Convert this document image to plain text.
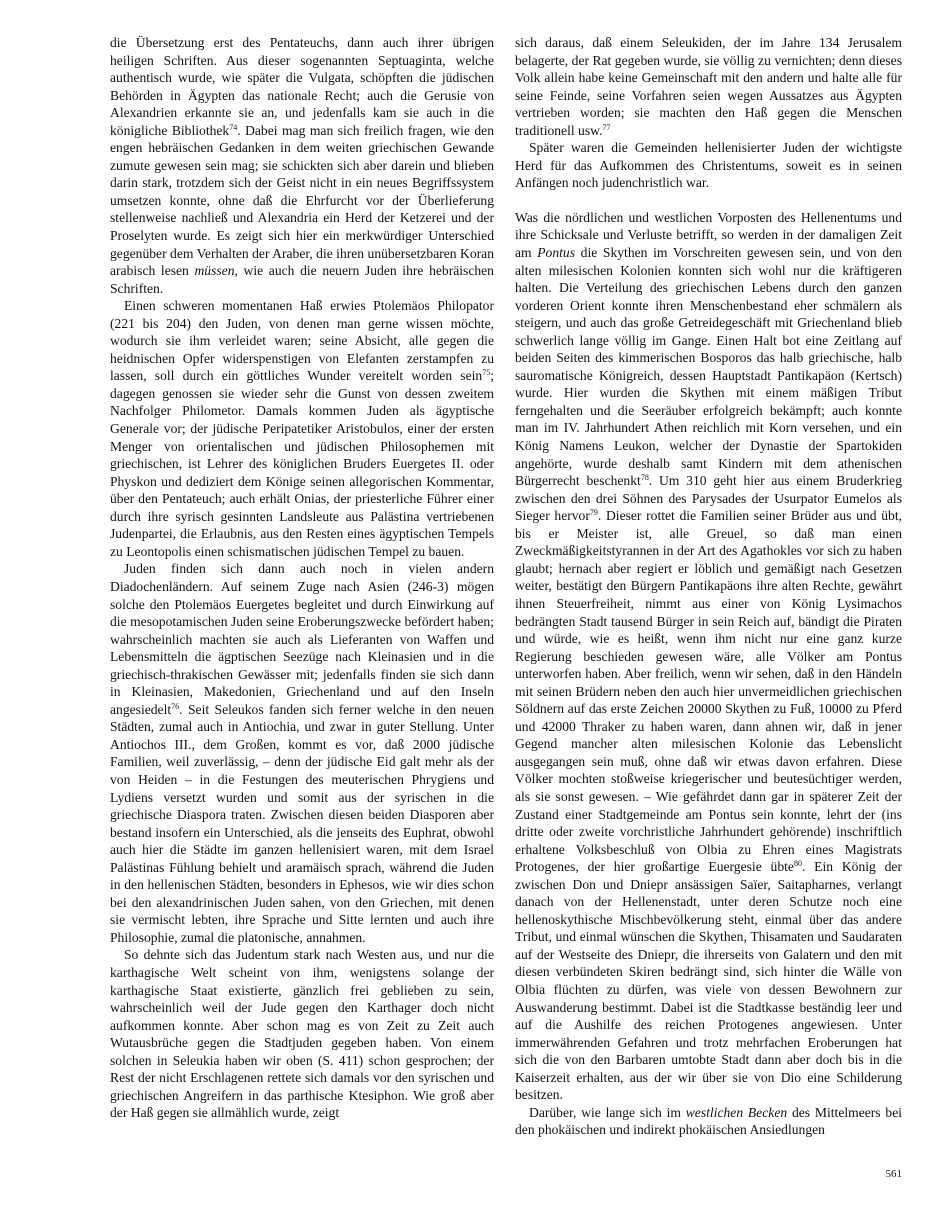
die Übersetzung erst des Pentateuchs, dann auch ihrer übrigen heiligen Schriften. Aus dieser sogenannten Septuaginta, welche authentisch wurde, wie später die Vulgata, schöpften die jüdischen Behörden in Ägypten das nationale Recht; auch die Gerusie von Alexandrien erkannte sie an, und jedenfalls kam sie auch in die königliche Bibliothek$^{74}$. Dabei mag man sich freilich fragen, wie den engen hebräischen Gedanken in dem weiten griechischen Gewande zumute gewesen sein mag; sie schickten sich aber darein und blieben darin stark, trotzdem sich der Geist nicht in ein neues Begriffssystem umsetzen konnte, ohne daß die Ehrfurcht vor der Überlieferung stellenweise nachließ und Alexandria ein Herd der Ketzerei und der Proselyten wurde. Es zeigt sich hier ein merkwürdiger Unterschied gegenüber dem Verhalten der Araber, die ihren unübersetzbaren Koran arabisch lesen müssen, wie auch die neuern Juden ihre hebräischen Schriften.

Einen schweren momentanen Haß erwies Ptolemäos Philopator (221 bis 204) den Juden, von denen man gerne wissen möchte, wodurch sie ihm verleidet waren; seine Absicht, alle gegen die heidnischen Opfer widerspenstigen von Elefanten zerstampfen zu lassen, soll durch ein göttliches Wunder vereitelt worden sein$^{75}$; dagegen genossen sie wieder sehr die Gunst von dessen zweitem Nachfolger Philometor. Damals kommen Juden als ägyptische Generale vor; der jüdische Peripatetiker Aristobulos, einer der ersten Menger von orientalischen und jüdischen Philosophemen mit griechischen, ist Lehrer des königlichen Bruders Euergetes II. oder Physkon und dediziert dem Könige seinen allegorischen Kommentar, über den Pentateuch; auch erhält Onias, der priesterliche Führer einer durch ihre syrisch gesinnten Landsleute aus Palästina vertriebenen Judenpartei, die Erlaubnis, aus den Resten eines ägyptischen Tempels zu Leontopolis einen schismatischen jüdischen Tempel zu bauen.

Juden finden sich dann auch noch in vielen andern Diadochenländern. Auf seinem Zuge nach Asien (246-3) mögen solche den Ptolemäos Euergetes begleitet und durch Einwirkung auf die mesopotamischen Juden seine Eroberungszwecke befördert haben; wahrscheinlich machten sie auch als Lieferanten von Waffen und Lebensmitteln die ägptischen Seezüge nach Kleinasien und in die griechisch-thrakischen Gewässer mit; jedenfalls finden sie sich dann in Kleinasien, Makedonien, Griechenland und auf den Inseln angesiedelt$^{76}$. Seit Seleukos fanden sich ferner welche in den neuen Städten, zumal auch in Antiochia, und zwar in guter Stellung. Unter Antiochos III., dem Großen, kommt es vor, daß 2000 jüdische Familien, weil zuverlässig, – denn der jüdische Eid galt mehr als der von Heiden – in die Festungen des meuterischen Phrygiens und Lydiens versetzt wurden und somit aus der syrischen in die griechische Diaspora traten. Zwischen diesen beiden Diasporen aber bestand insofern ein Unterschied, als die jenseits des Euphrat, obwohl auch hier die Städte im ganzen hellenisiert waren, mit dem Israel Palästinas Fühlung behielt und aramäisch sprach, während die Juden in den hellenischen Städten, besonders in Ephesos, wie wir dies schon bei den alexandrinischen Juden sahen, von den Griechen, mit denen sie vermischt lebten, ihre Sprache und Sitte lernten und auch ihre Philosophie, zumal die platonische, annahmen.

So dehnte sich das Judentum stark nach Westen aus, und nur die karthagische Welt scheint von ihm, wenigstens solange der karthagische Staat existierte, gänzlich frei geblieben zu sein, wahrscheinlich weil der Jude gegen den Karthager doch nicht aufkommen konnte. Aber schon mag es von Zeit zu Zeit auch Wutausbrüche gegen die Stadtjuden gegeben haben. Von einem solchen in Seleukia haben wir oben (S. 411) schon gesprochen; der Rest der nicht Erschlagenen rettete sich damals vor den syrischen und griechischen Angreifern in das parthische Ktesiphon. Wie groß aber der Haß gegen sie allmählich wurde, zeigt

sich daraus, daß einem Seleukiden, der im Jahre 134 Jerusalem belagerte, der Rat gegeben wurde, sie völlig zu vernichten; denn dieses Volk allein habe keine Gemeinschaft mit den andern und halte alle für seine Feinde, seine Vorfahren seien wegen Aussatzes aus Ägypten vertrieben worden; sie machten den Haß gegen die Menschen traditionell usw.$^{77}$

Später waren die Gemeinden hellenisierter Juden der wichtigste Herd für das Aufkommen des Christentums, soweit es in seinen Anfängen noch judenchristlich war.

Was die nördlichen und westlichen Vorposten des Hellenentums und ihre Schicksale und Verluste betrifft, so werden in der damaligen Zeit am Pontus die Skythen im Vorschreiten gewesen sein, und von den alten milesischen Kolonien konnten sich wohl nur die kräftigeren halten. Die Verteilung des griechischen Lebens durch den ganzen vorderen Orient konnte ihren Menschenbestand eher schmälern als steigern, und auch das große Getreidegeschäft mit Griechenland blieb schwerlich lange völlig im Gange. Einen Halt bot eine Zeitlang auf beiden Seiten des kimmerischen Bosporos das halb griechische, halb sauromatische Königreich, dessen Hauptstadt Pantikapäon (Kertsch) wurde. Hier wurden die Skythen mit einem mäßigen Tribut ferngehalten und die Seeräuber erfolgreich bekämpft; auch konnte man im IV. Jahrhundert Athen reichlich mit Korn versehen, und ein König Namens Leukon, welcher der Dynastie der Spartokiden angehörte, wurde deshalb samt Kindern mit dem athenischen Bürgerrecht beschenkt$^{78}$. Um 310 geht hier aus einem Bruderkrieg zwischen den drei Söhnen des Parysades der Usurpator Eumelos als Sieger hervor$^{79}$. Dieser rottet die Familien seiner Brüder aus und übt, bis er Meister ist, alle Greuel, so daß man einen Zweckmäßigkeitstyrannen in der Art des Agathokles vor sich zu haben glaubt; hernach aber regiert er löblich und gemäßigt nach Gesetzen weiter, bestätigt den Bürgern Pantikapäons ihre alten Rechte, gewährt ihnen Steuerfreiheit, nimmt aus einer von König Lysimachos bedrängten Stadt tausend Bürger in sein Reich auf, bändigt die Piraten und würde, wie es heißt, wenn ihm nicht nur eine ganz kurze Regierung beschieden gewesen wäre, alle Völker am Pontus unterworfen haben. Aber freilich, wenn wir sehen, daß in den Händeln mit seinen Brüdern neben den auch hier unvermeidlichen griechischen Söldnern auf das erste Zeichen 20000 Skythen zu Fuß, 10000 zu Pferd und 42000 Thraker zu haben waren, dann ahnen wir, daß in jener Gegend mancher alten milesischen Kolonie das Lebenslicht ausgegangen sein muß, ohne daß wir etwas davon erfahren. Diese Völker mochten stoßweise kriegerischer und beutesüchtiger werden, als sie sonst gewesen. – Wie gefährdet dann gar in späterer Zeit der Zustand einer Stadtgemeinde am Pontus sein konnte, lehrt der (ins dritte oder zweite vorchristliche Jahrhundert gehörende) inschriftlich erhaltene Volksbeschluß von Olbia zu Ehren eines Magistrats Protogenes, der hier großartige Euergesie übte$^{80}$. Ein König der zwischen Don und Dniepr ansässigen Saïer, Saitapharnes, verlangt danach von der Hellenenstadt, unter deren Schutze noch eine hellenoskythische Mischbevölkerung steht, einmal über das andere Tribut, und einmal wünschen die Skythen, Thisamaten und Saudaraten auf der Westseite des Dniepr, die ihrerseits von Galatern und den mit diesen verbündeten Skiren bedrängt sind, sich hinter die Wälle von Olbia flüchten zu dürfen, was viele von dessen Bewohnern zur Auswanderung bestimmt. Dabei ist die Stadtkasse beständig leer und auf die Aushilfe des reichen Protogenes angewiesen. Unter immerwährenden Gefahren und trotz mehrfachen Eroberungen hat sich die von den Barbaren umtobte Stadt dann aber doch bis in die Kaiserzeit erhalten, aus der wir über sie von Dio eine Schilderung besitzen.

Darüber, wie lange sich im westlichen Becken des Mittelmeers bei den phokäischen und indirekt phokäischen Ansiedlungen

561
